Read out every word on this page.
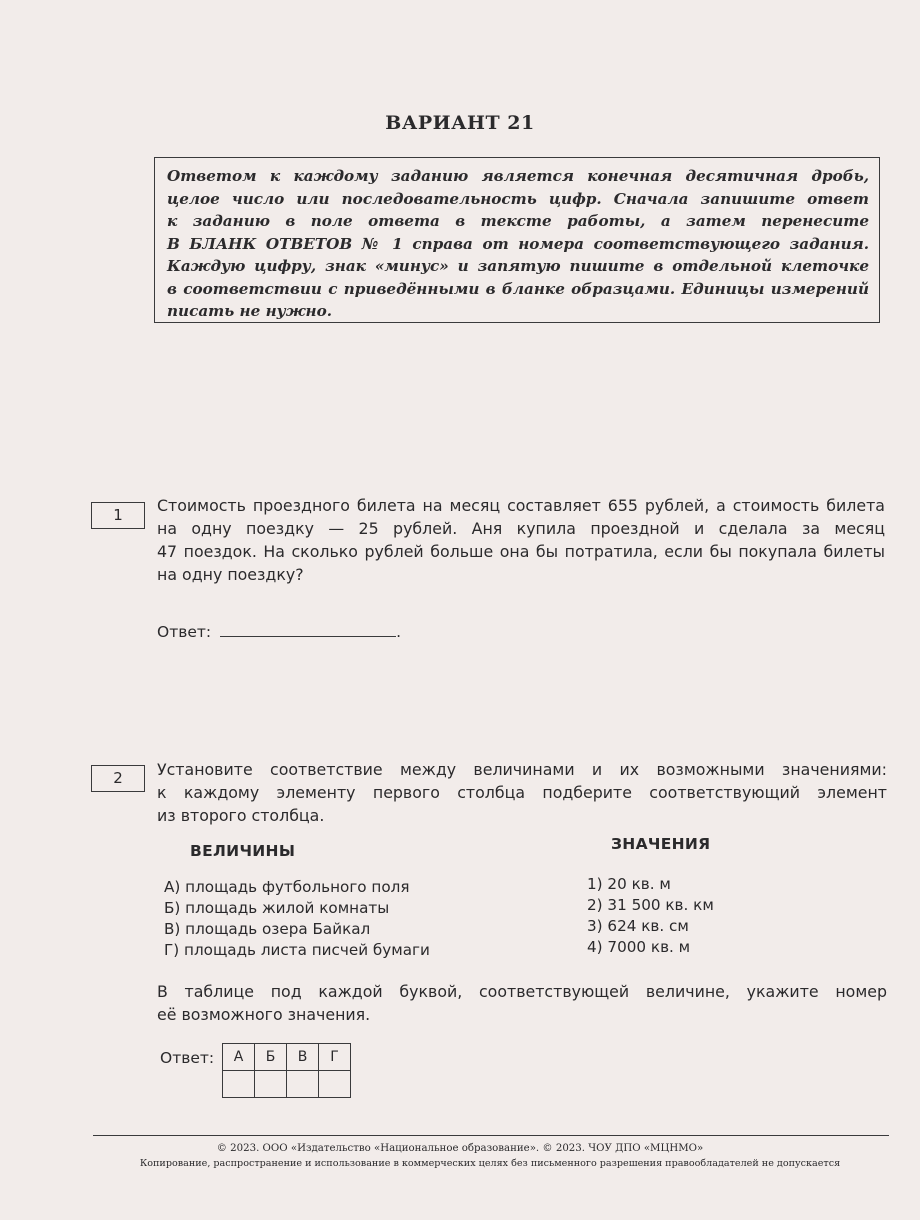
ВАРИАНТ 21
Ответом к каждому заданию является конечная десятичная дробь,
целое число или последовательность цифр. Сначала запишите ответ
к заданию в поле ответа в тексте работы, а затем перенесите
В БЛАНК ОТВЕТОВ № 1 справа от номера соответствующего задания.
Каждую цифру, знак «минус» и запятую пишите в отдельной клеточке
в соответствии с приведёнными в бланке образцами. Единицы измерений
писать не нужно.
1	Стоимость проездного билета на месяц составляет 655 рублей, а стоимость билета
на одну поездку — 25 рублей. Аня купила проездной и сделала за месяц
47 поездок. На сколько рублей больше она бы потратила, если бы покупала билеты
на одну поездку?
Ответ:	.
2	Установите соответствие между величинами и их возможными значениями:
к каждому элементу первого столбца подберите соответствующий элемент
из второго столбца.
ВЕЛИЧИНЫ	ЗНАЧЕНИЯ
А) площадь футбольного поля
Б) площадь жилой комнаты
В) площадь озера Байкал
Г) площадь листа писчей бумаги
1) 20 кв. м
2) 31 500 кв. км
3) 624 кв. см
4) 7000 кв. м
В таблице под каждой буквой, соответствующей величине, укажите номер
её возможного значения.
Ответ: А	Б	В	Г

© 2023. ООО «Издательство «Национальное образование». © 2023. ЧОУ ДПО «МЦНМО»
Копирование, распространение и использование в коммерческих целях без письменного разрешения правообладателей не допускается
